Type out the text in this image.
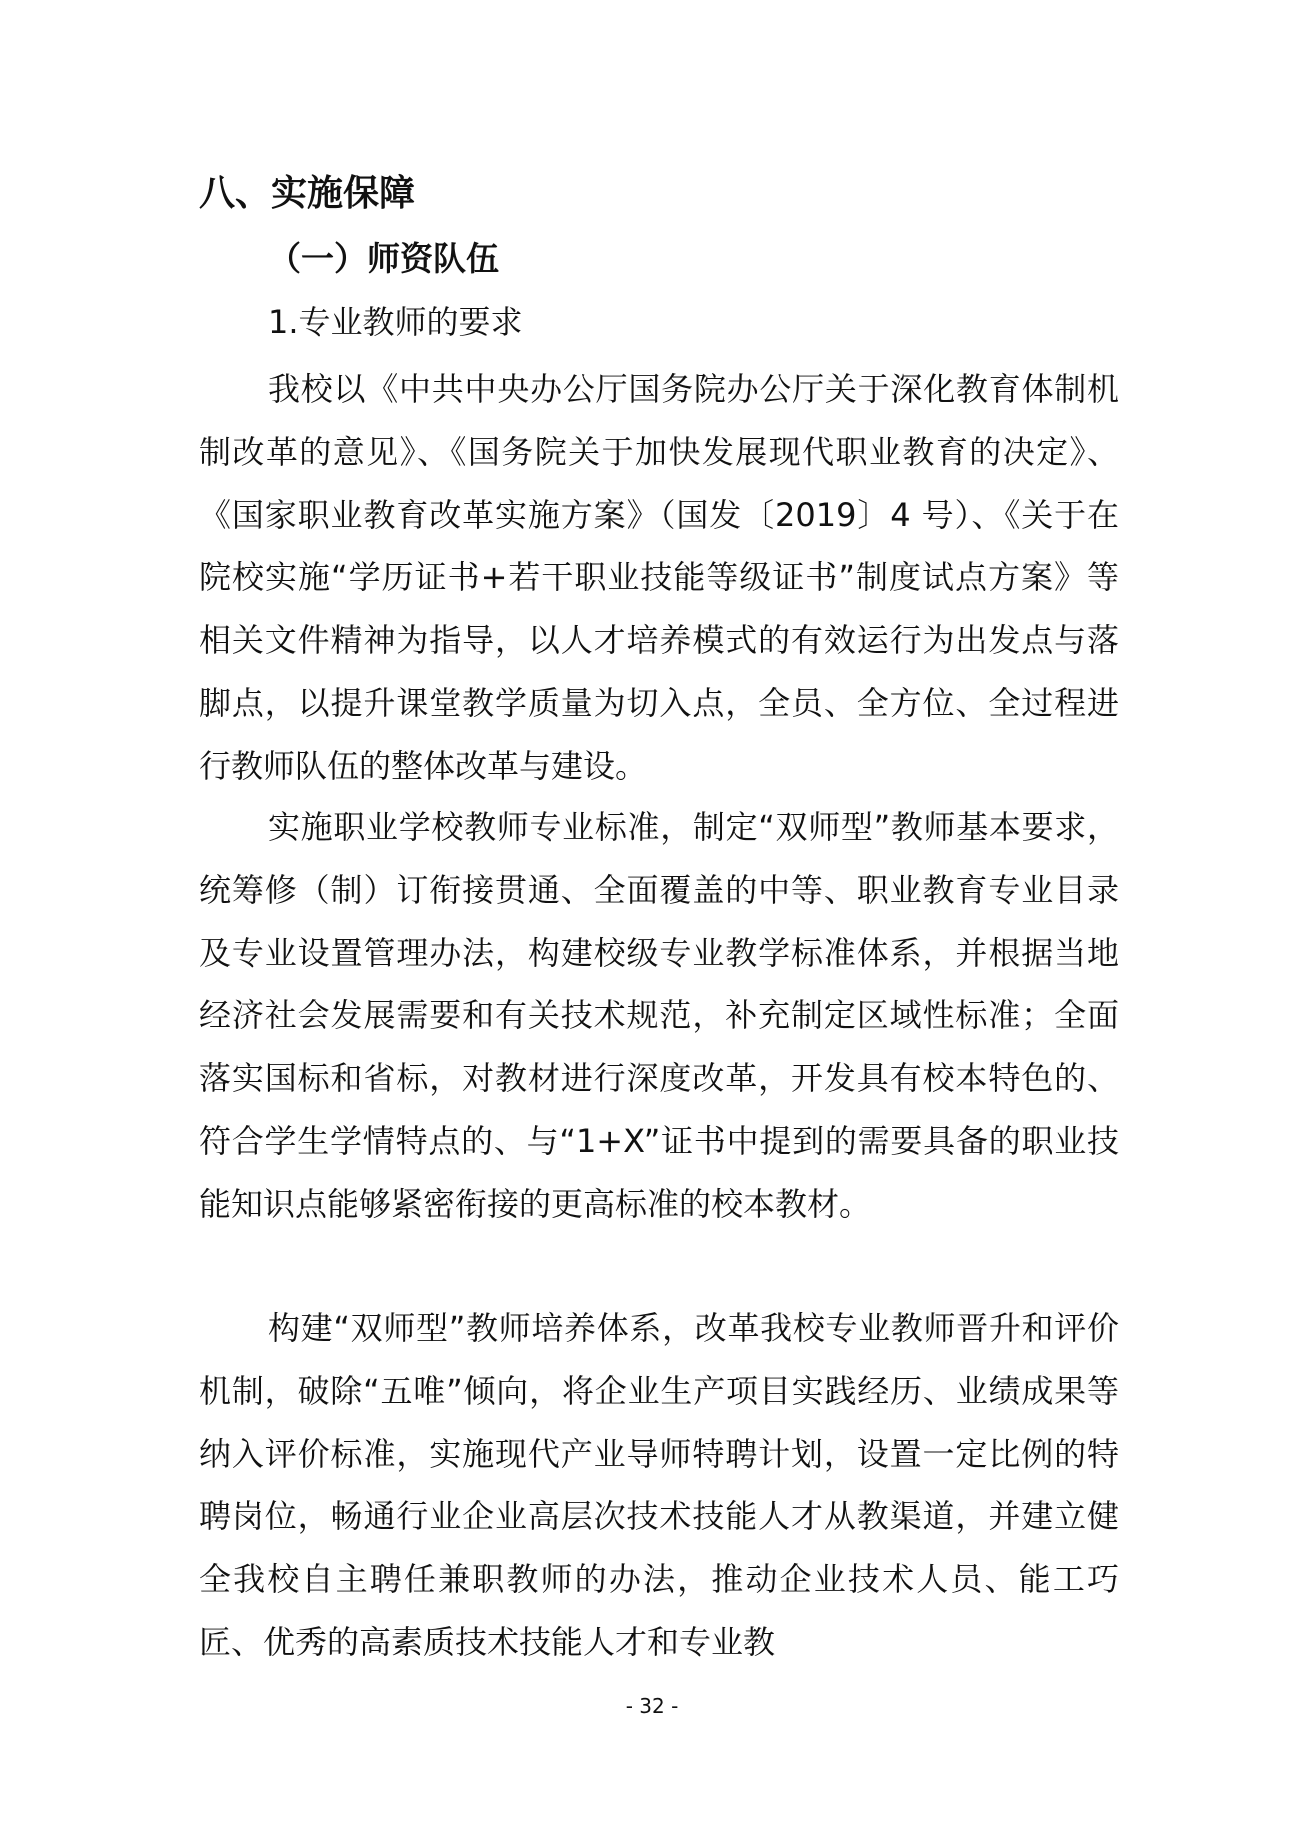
八、实施保障
（一）师资队伍
1.专业教师的要求

我校以《中共中央办公厅国务院办公厅关于深化教育体制机制改革的意见》、《国务院关于加快发展现代职业教育的决定》、《国家职业教育改革实施方案》（国发〔2019〕4 号）、《关于在院校实施“学历证书+若干职业技能等级证书”制度试点方案》等相关文件精神为指导，以人才培养模式的有效运行为出发点与落脚点，以提升课堂教学质量为切入点，全员、全方位、全过程进行教师队伍的整体改革与建设。

实施职业学校教师专业标准，制定“双师型”教师基本要求，统筹修（制）订衔接贯通、全面覆盖的中等、职业教育专业目录及专业设置管理办法，构建校级专业教学标准体系，并根据当地经济社会发展需要和有关技术规范，补充制定区域性标准；全面落实国标和省标，对教材进行深度改革，开发具有校本特色的、符合学生学情特点的、与“1+X”证书中提到的需要具备的职业技能知识点能够紧密衔接的更高标准的校本教材。

构建“双师型”教师培养体系，改革我校专业教师晋升和评价机制，破除“五唯”倾向，将企业生产项目实践经历、业绩成果等纳入评价标准，实施现代产业导师特聘计划，设置一定比例的特聘岗位，畅通行业企业高层次技术技能人才从教渠道，并建立健全我校自主聘任兼职教师的办法，推动企业技术人员、能工巧匠、优秀的高素质技术技能人才和专业教

- 32 -
